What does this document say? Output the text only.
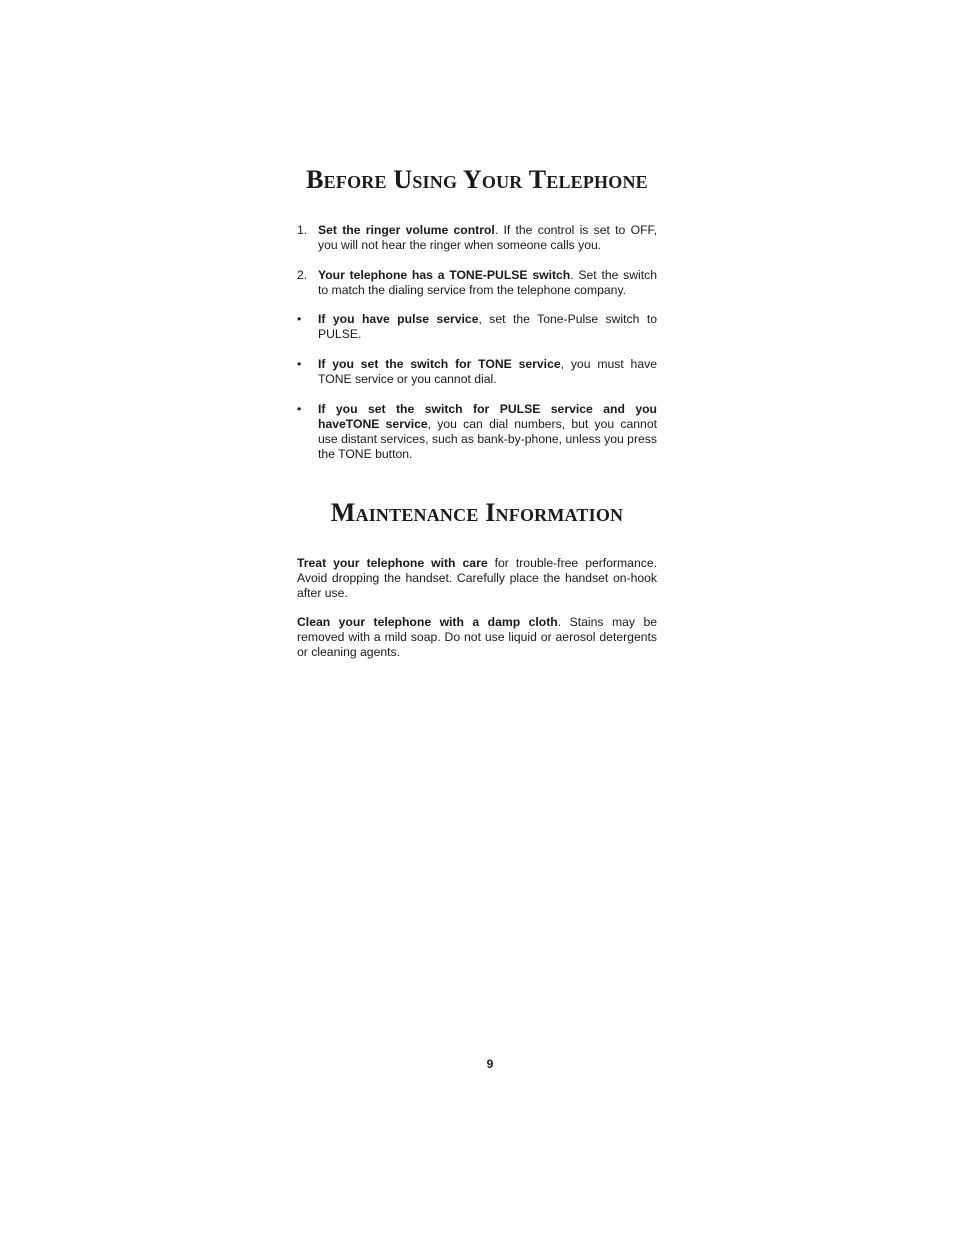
Before Using Your Telephone
1. Set the ringer volume control. If the control is set to OFF, you will not hear the ringer when someone calls you.
2. Your telephone has a TONE-PULSE switch. Set the switch to match the dialing service from the telephone company.
•	If you have pulse service, set the Tone-Pulse switch to PULSE.
•	If you set the switch for TONE service, you must have TONE service or you cannot dial.
•	If you set the switch for PULSE service and you haveTONE service, you can dial numbers, but you cannot use distant services, such as bank-by-phone, unless you press the TONE button.
Maintenance Information

Treat your telephone with care for trouble-free performance. Avoid dropping the handset. Carefully place the handset on-hook after use.

Clean your telephone with a damp cloth. Stains may be removed with a mild soap. Do not use liquid or aerosol detergents or cleaning agents.

9
